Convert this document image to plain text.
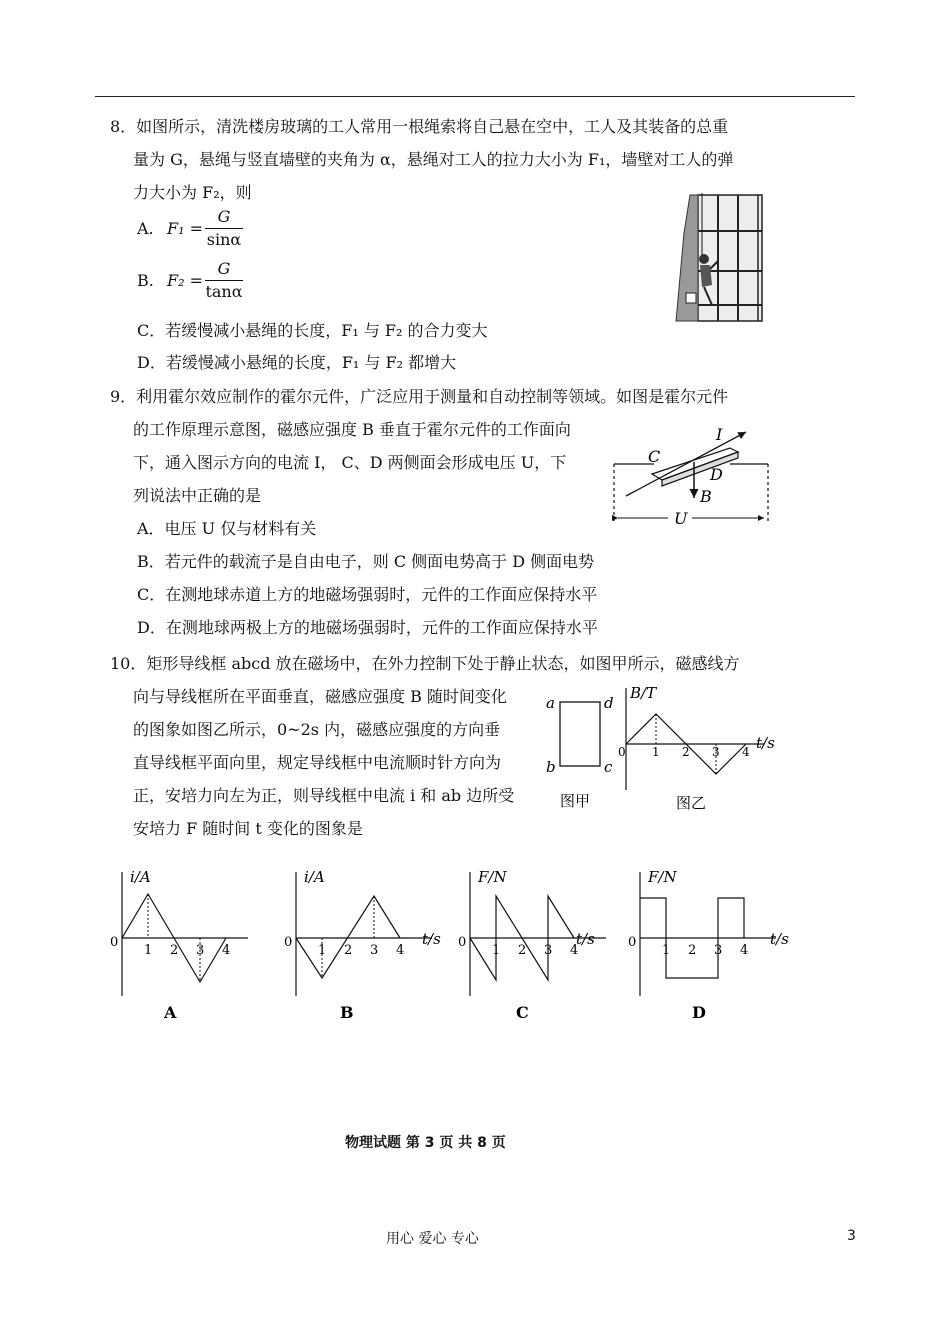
8．如图所示，清洗楼房玻璃的工人常用一根绳索将自己悬在空中，工人及其装备的总重
量为 G，悬绳与竖直墙壁的夹角为 α，悬绳对工人的拉力大小为 F₁，墙壁对工人的弹
力大小为 F₂，则
A. F₁ =
G
sinα
B. F₂ =
G
tanα
C．若缓慢减小悬绳的长度，F₁ 与 F₂ 的合力变大
D．若缓慢减小悬绳的长度，F₁ 与 F₂ 都增大
9．利用霍尔效应制作的霍尔元件，广泛应用于测量和自动控制等领域。如图是霍尔元件
的工作原理示意图，磁感应强度 B 垂直于霍尔元件的工作面向
下，通入图示方向的电流 I， C、D 两侧面会形成电压 U，下
列说法中正确的是
A．电压 U 仅与材料有关
B．若元件的载流子是自由电子，则 C 侧面电势高于 D 侧面电势
C．在测地球赤道上方的地磁场强弱时，元件的工作面应保持水平
D．在测地球两极上方的地磁场强弱时，元件的工作面应保持水平
I
C
D
B
U
10．矩形导线框 abcd 放在磁场中，在外力控制下处于静止状态，如图甲所示，磁感线方
向与导线框所在平面垂直，磁感应强度 B 随时间变化
的图象如图乙所示，0~2s 内，磁感应强度的方向垂
直导线框平面向里，规定导线框中电流顺时针方向为
正，安培力向左为正，则导线框中电流 i 和 ab 边所受
安培力 F 随时间 t 变化的图象是
a	d
b	c
图甲
B/T
t/s
0 1 2 3 4
图乙
i/A
0
1 2 3 4
A
i/A
t/s
0
1 2 3 4
B
F/N
t/s
0
1 2 3 4
C
F/N
t/s
0
1 2 3 4
D
物理试题 第 3 页 共 8 页
用心 爱心 专心	3
